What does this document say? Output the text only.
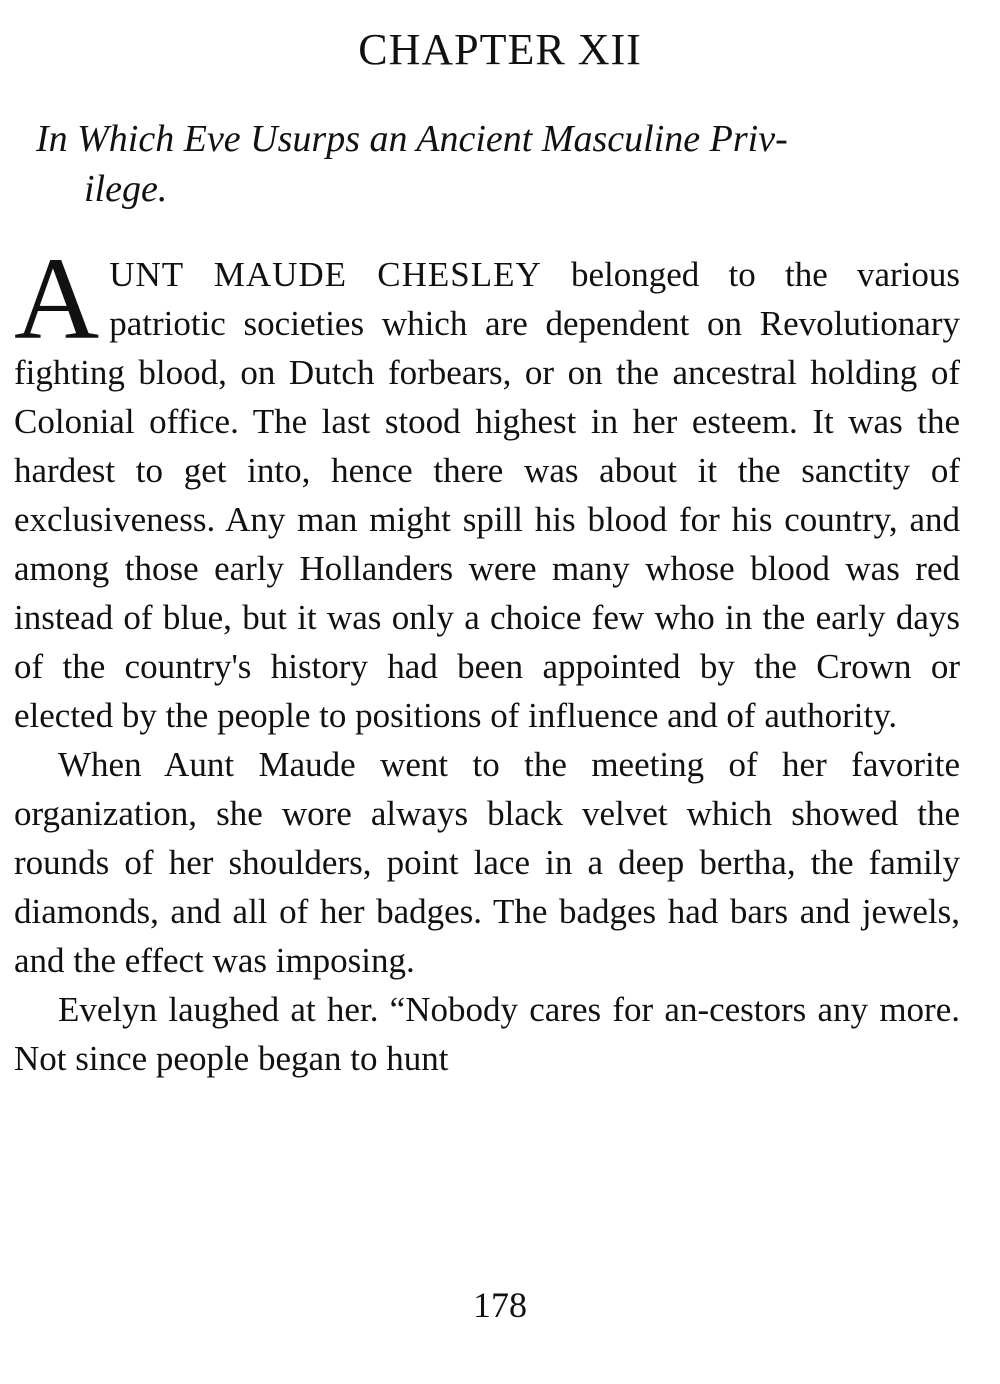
CHAPTER XII
In Which Eve Usurps an Ancient Masculine Priv-
ilege.

AUNT MAUDE CHESLEY belonged to the various patriotic societies which are dependent on Revolutionary fighting blood, on Dutch forbears, or on the ancestral holding of Colonial office. The last stood highest in her esteem. It was the hardest to get into, hence there was about it the sanctity of exclusiveness. Any man might spill his blood for his country, and among those early Hollanders were many whose blood was red instead of blue, but it was only a choice few who in the early days of the country's history had been appointed by the Crown or elected by the people to positions of influence and of authority.

When Aunt Maude went to the meeting of her favorite organization, she wore always black velvet which showed the rounds of her shoulders, point lace in a deep bertha, the family diamonds, and all of her badges. The badges had bars and jewels, and the effect was imposing.

Evelyn laughed at her. “Nobody cares for an-cestors any more. Not since people began to hunt

178
